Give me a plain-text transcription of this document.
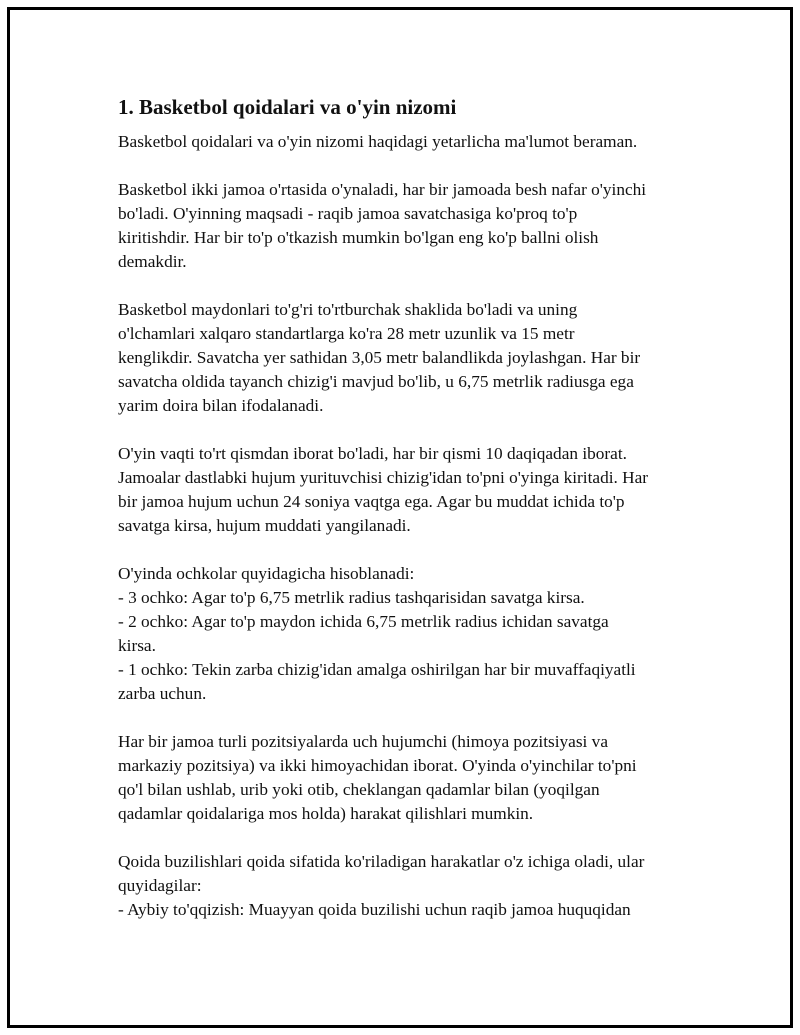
1. Basketbol qoidalari va o'yin nizomi

Basketbol qoidalari va o'yin nizomi haqidagi yetarlicha ma'lumot beraman.

Basketbol ikki jamoa o'rtasida o'ynaladi, har bir jamoada besh nafar o'yinchi
bo'ladi. O'yinning maqsadi - raqib jamoa savatchasiga ko'proq to'p
kiritishdir. Har bir to'p o'tkazish mumkin bo'lgan eng ko'p ballni olish
demakdir.

Basketbol maydonlari to'g'ri to'rtburchak shaklida bo'ladi va uning
o'lchamlari xalqaro standartlarga ko'ra 28 metr uzunlik va 15 metr
kenglikdir. Savatcha yer sathidan 3,05 metr balandlikda joylashgan. Har bir
savatcha oldida tayanch chizig'i mavjud bo'lib, u 6,75 metrlik radiusga ega
yarim doira bilan ifodalanadi.

O'yin vaqti to'rt qismdan iborat bo'ladi, har bir qismi 10 daqiqadan iborat.
Jamoalar dastlabki hujum yurituvchisi chizig'idan to'pni o'yinga kiritadi. Har
bir jamoa hujum uchun 24 soniya vaqtga ega. Agar bu muddat ichida to'p
savatga kirsa, hujum muddati yangilanadi.

O'yinda ochkolar quyidagicha hisoblanadi:
- 3 ochko: Agar to'p 6,75 metrlik radius tashqarisidan savatga kirsa.
- 2 ochko: Agar to'p maydon ichida 6,75 metrlik radius ichidan savatga
kirsa.
- 1 ochko: Tekin zarba chizig'idan amalga oshirilgan har bir muvaffaqiyatli
zarba uchun.

Har bir jamoa turli pozitsiyalarda uch hujumchi (himoya pozitsiyasi va
markaziy pozitsiya) va ikki himoyachidan iborat. O'yinda o'yinchilar to'pni
qo'l bilan ushlab, urib yoki otib, cheklangan qadamlar bilan (yoqilgan
qadamlar qoidalariga mos holda) harakat qilishlari mumkin.

Qoida buzilishlari qoida sifatida ko'riladigan harakatlar o'z ichiga oladi, ular
quyidagilar:
- Aybiy to'qqizish: Muayyan qoida buzilishi uchun raqib jamoa huquqidan
